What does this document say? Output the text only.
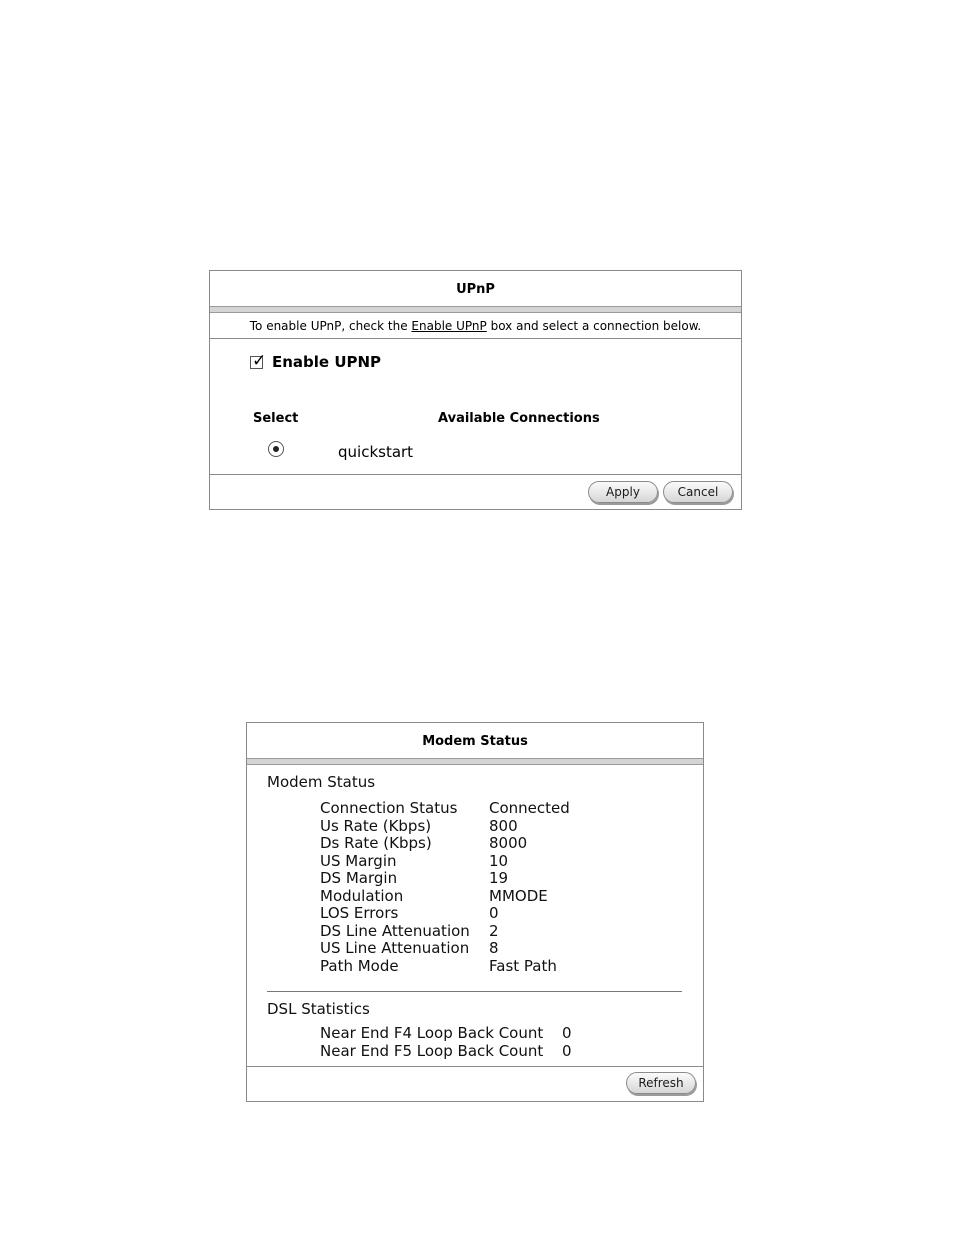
UPnP
To enable UPnP, check the Enable UPnP box and select a connection below.
✓ Enable UPNP
Select	Available Connections
quickstart
Apply	Cancel
Modem Status
Modem Status
Connection Status Connected
Us Rate (Kbps)	800
Ds Rate (Kbps)	8000
US Margin	10
DS Margin	19
Modulation	MMODE
LOS Errors	0
DS Line Attenuation 2
US Line Attenuation 8
Path Mode	Fast Path
DSL Statistics
Near End F4 Loop Back Count 0
Near End F5 Loop Back Count 0
Refresh
